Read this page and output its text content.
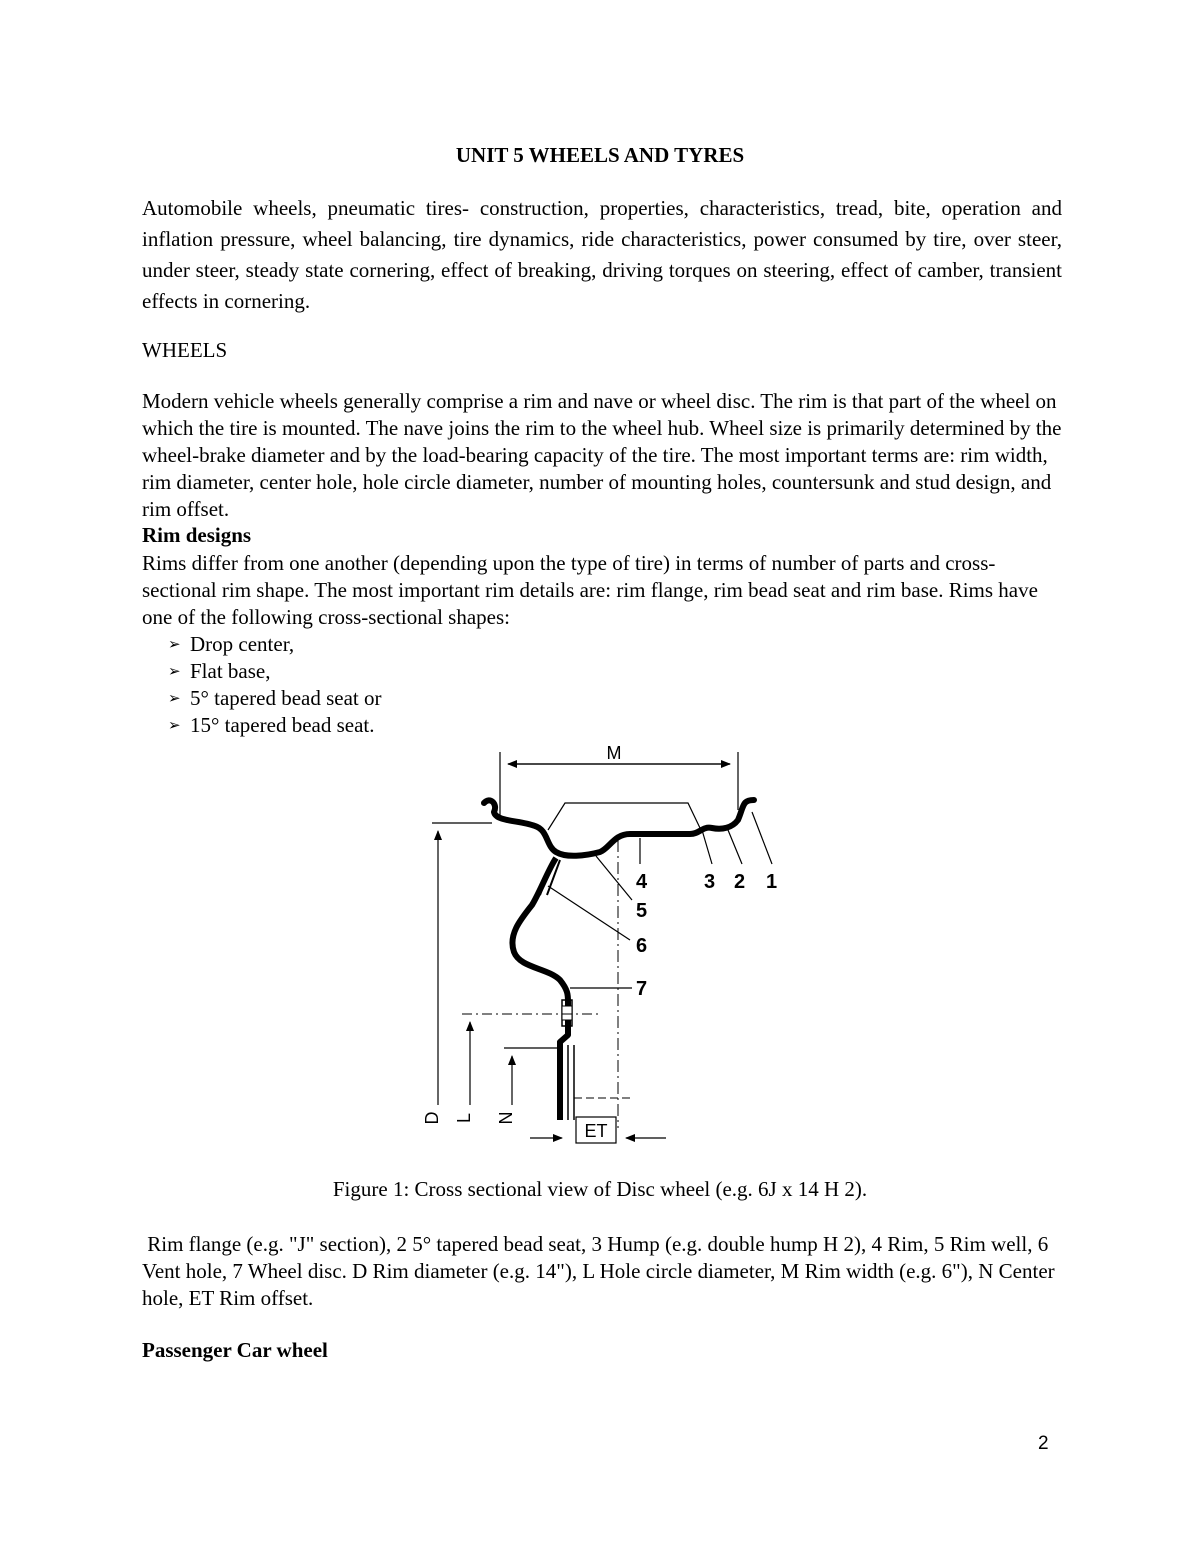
UNIT 5 WHEELS AND TYRES

Automobile wheels, pneumatic tires- construction, properties, characteristics, tread, bite, operation and inflation pressure, wheel balancing, tire dynamics, ride characteristics, power consumed by tire, over steer, under steer, steady state cornering, effect of breaking, driving torques on steering, effect of camber, transient effects in cornering.

WHEELS

Modern vehicle wheels generally comprise a rim and nave or wheel disc. The rim is that part of the wheel on which the tire is mounted. The nave joins the rim to the wheel hub. Wheel size is primarily determined by the wheel-brake diameter and by the load-bearing capacity of the tire. The most important terms are: rim width, rim diameter, center hole, hole circle diameter, number of mounting holes, countersunk and stud design, and rim offset.

Rim designs

Rims differ from one another (depending upon the type of tire) in terms of number of parts and cross-sectional rim shape. The most important rim details are: rim flange, rim bead seat and rim base. Rims have one of the following cross-sectional shapes:

➢ Drop center,
➢ Flat base,
➢ 5° tapered bead seat or
➢ 15° tapered bead seat.
M
D L N
ET
1
2
3
4
5
6
7
Figure 1: Cross sectional view of Disc wheel (e.g. 6J x 14 H 2).

Rim flange (e.g. "J" section), 2 5° tapered bead seat, 3 Hump (e.g. double hump H 2), 4 Rim, 5 Rim well, 6 Vent hole, 7 Wheel disc. D Rim diameter (e.g. 14"), L Hole circle diameter, M Rim width (e.g. 6"), N Center hole, ET Rim offset.

Passenger Car wheel
2
